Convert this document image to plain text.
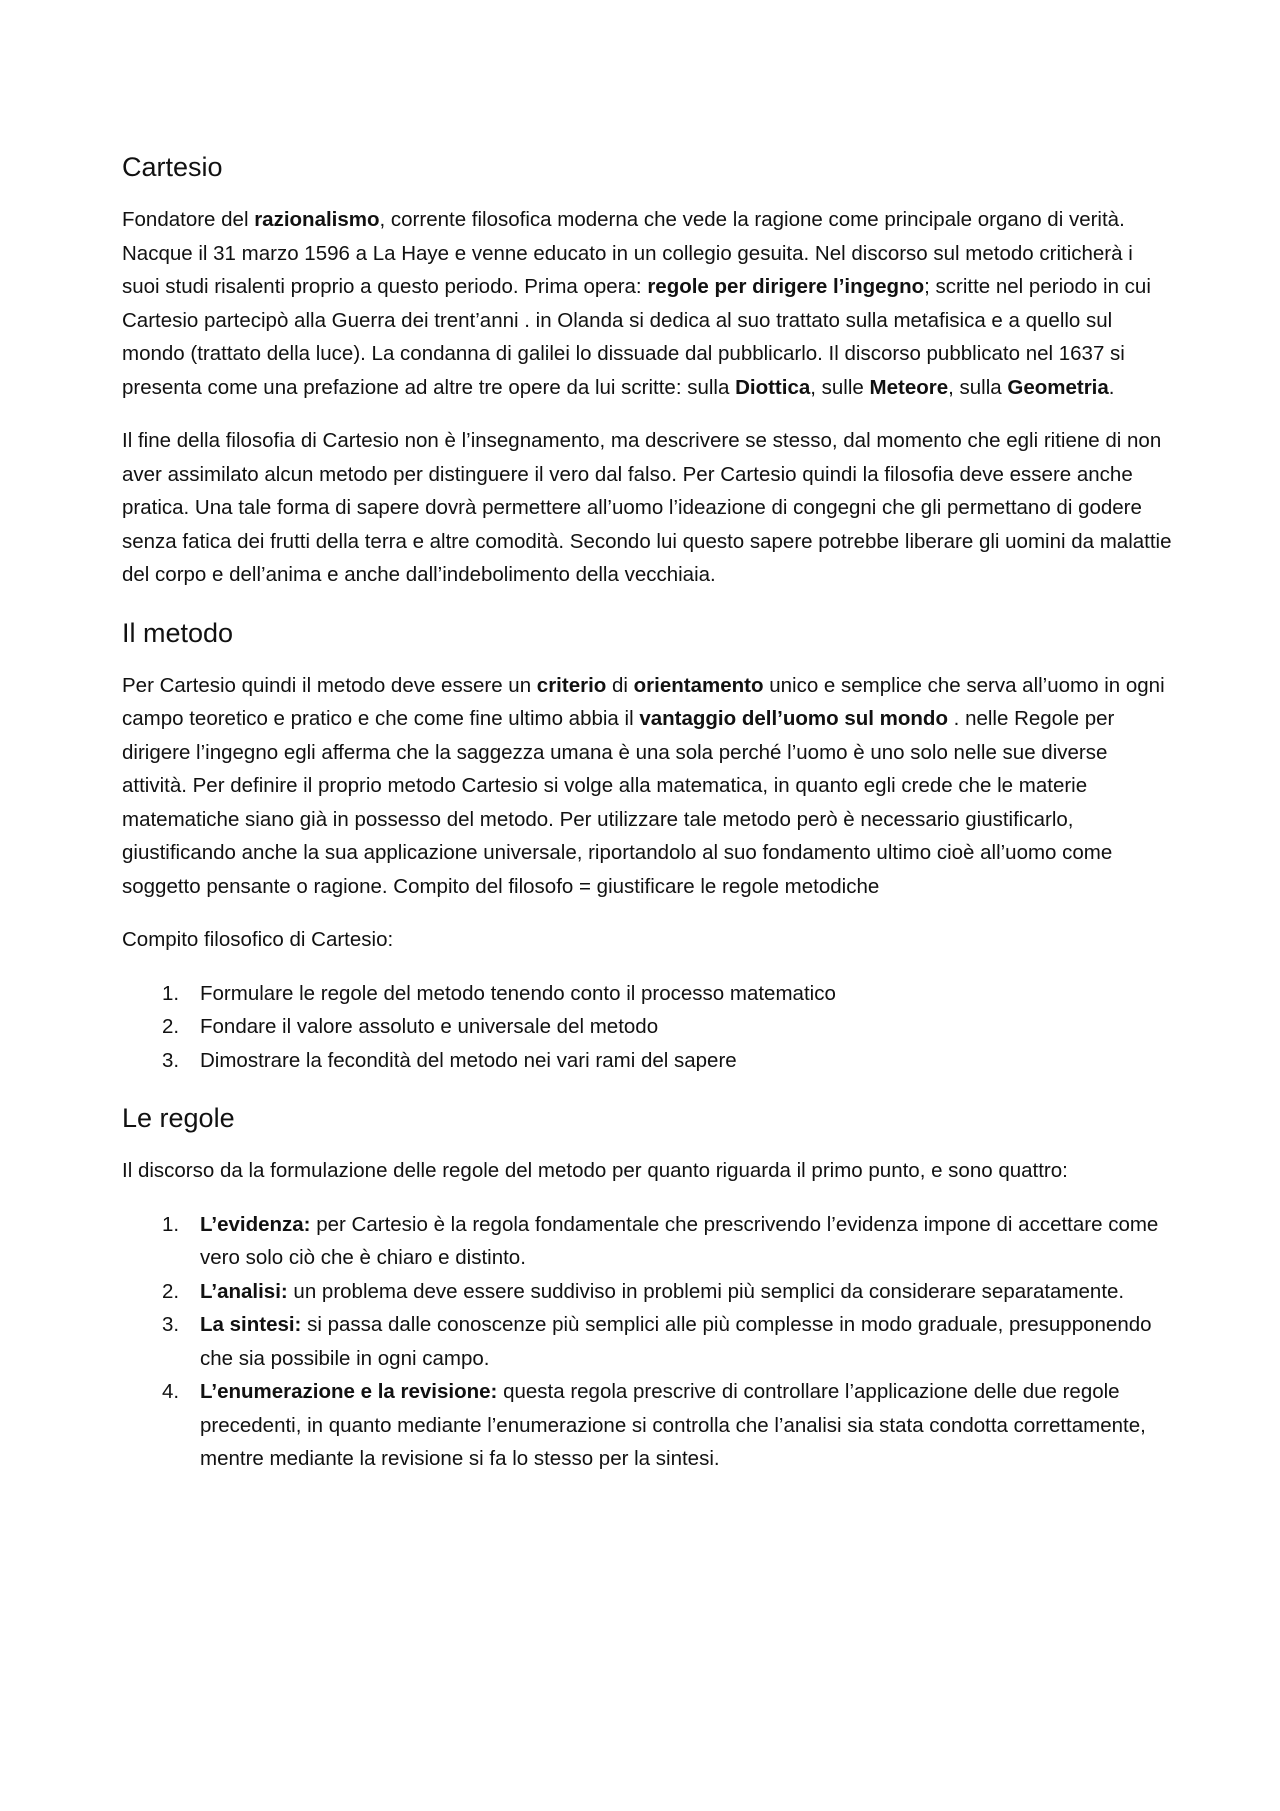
Cartesio

Fondatore del razionalismo, corrente filosofica moderna che vede la ragione come principale organo di verità. Nacque il 31 marzo 1596 a La Haye e venne educato in un collegio gesuita. Nel discorso sul metodo criticherà i suoi studi risalenti proprio a questo periodo. Prima opera: regole per dirigere l’ingegno; scritte nel periodo in cui Cartesio partecipò alla Guerra dei trent’anni . in Olanda si dedica al suo trattato sulla metafisica e a quello sul mondo (trattato della luce). La condanna di galilei lo dissuade dal pubblicarlo. Il discorso pubblicato nel 1637 si presenta come una prefazione ad altre tre opere da lui scritte: sulla Diottica, sulle Meteore, sulla Geometria.

Il fine della filosofia di Cartesio non è l’insegnamento, ma descrivere se stesso, dal momento che egli ritiene di non aver assimilato alcun metodo per distinguere il vero dal falso. Per Cartesio quindi la filosofia deve essere anche pratica. Una tale forma di sapere dovrà permettere all’uomo l’ideazione di congegni che gli permettano di godere senza fatica dei frutti della terra e altre comodità. Secondo lui questo sapere potrebbe liberare gli uomini da malattie del corpo e dell’anima e anche dall’indebolimento della vecchiaia.

Il metodo

Per Cartesio quindi il metodo deve essere un criterio di orientamento unico e semplice che serva all’uomo in ogni campo teoretico e pratico e che come fine ultimo abbia il vantaggio dell’uomo sul mondo . nelle Regole per dirigere l’ingegno egli afferma che la saggezza umana è una sola perché l’uomo è uno solo nelle sue diverse attività. Per definire il proprio metodo Cartesio si volge alla matematica, in quanto egli crede che le materie matematiche siano già in possesso del metodo. Per utilizzare tale metodo però è necessario giustificarlo, giustificando anche la sua applicazione universale, riportandolo al suo fondamento ultimo cioè all’uomo come soggetto pensante o ragione. Compito del filosofo = giustificare le regole metodiche

Compito filosofico di Cartesio:

1. Formulare le regole del metodo tenendo conto il processo matematico
2. Fondare il valore assoluto e universale del metodo
3. Dimostrare la fecondità del metodo nei vari rami del sapere
Le regole

Il discorso da la formulazione delle regole del metodo per quanto riguarda il primo punto, e sono quattro:

1. L’evidenza: per Cartesio è la regola fondamentale che prescrivendo l’evidenza impone di accettare come vero solo ciò che è chiaro e distinto.
2. L’analisi: un problema deve essere suddiviso in problemi più semplici da considerare separatamente.
3. La sintesi: si passa dalle conoscenze più semplici alle più complesse in modo graduale, presupponendo che sia possibile in ogni campo.
4. L’enumerazione e la revisione: questa regola prescrive di controllare l’applicazione delle due regole precedenti, in quanto mediante l’enumerazione si controlla che l’analisi sia stata condotta correttamente, mentre mediante la revisione si fa lo stesso per la sintesi.
